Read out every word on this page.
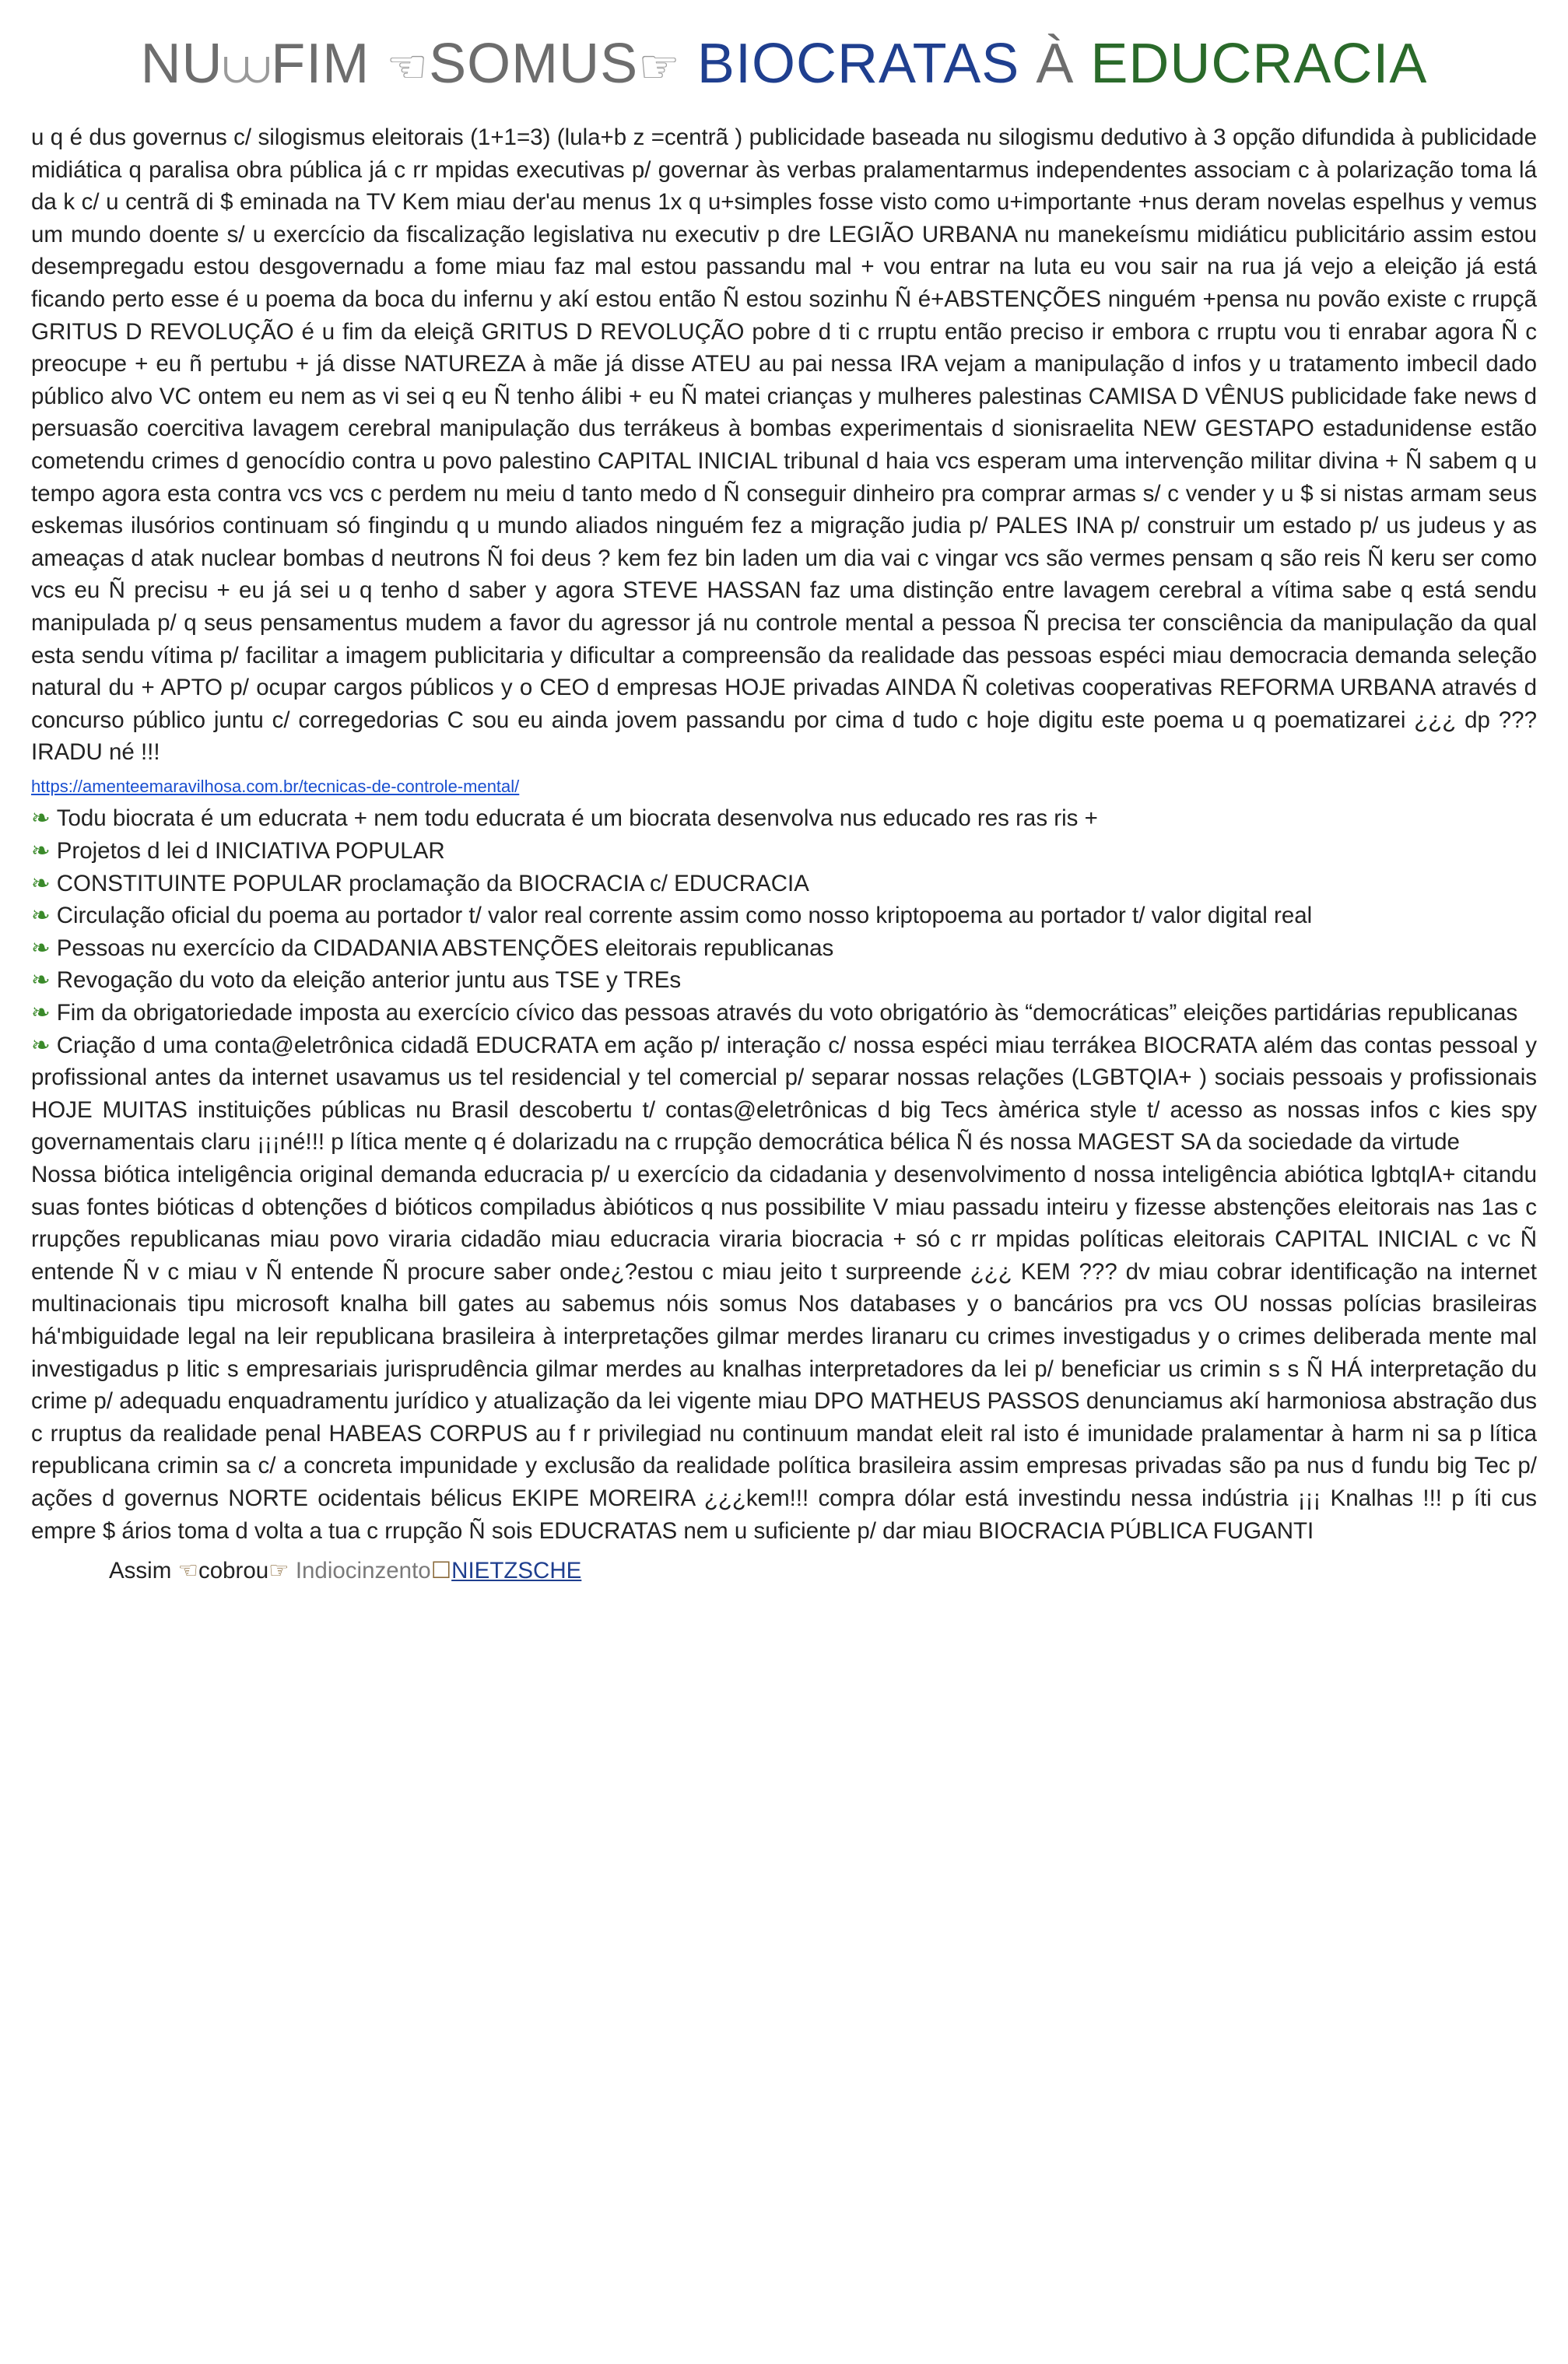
NU⩊FIM ☜SOMUS☞ BIOCRATAS À EDUCRACIA

u q é dus governus c/ silogismus eleitorais (1+1=3) (lula+b z =centrã ) publicidade baseada nu silogismu dedutivo à 3 opção difundida à publicidade midiática q paralisa obra pública já c rr mpidas executivas p/ governar às verbas pralamentarmus independentes associam c à polarização toma lá da k c/ u centrã di $ eminada na TV Kem miau der'au menus 1x q u+simples fosse visto como u+importante +nus deram novelas espelhus y vemus um mundo doente s/ u exercício da fiscalização legislativa nu executiv p dre LEGIÃO URBANA nu manekeísmu midiáticu publicitário assim estou desempregadu estou desgovernadu a fome miau faz mal estou passandu mal + vou entrar na luta eu vou sair na rua já vejo a eleição já está ficando perto esse é u poema da boca du infernu y akí estou então Ñ estou sozinhu Ñ é+ABSTENÇÕES ninguém +pensa nu povão existe c rrupçã GRITUS D REVOLUÇÃO é u fim da eleiçã GRITUS D REVOLUÇÃO pobre d ti c rruptu então preciso ir embora c rruptu vou ti enrabar agora Ñ c preocupe + eu ñ pertubu + já disse NATUREZA à mãe já disse ATEU au pai nessa IRA vejam a manipulação d infos y u tratamento imbecil dado público alvo VC ontem eu nem as vi sei q eu Ñ tenho álibi + eu Ñ matei crianças y mulheres palestinas CAMISA D VÊNUS publicidade fake news d persuasão coercitiva lavagem cerebral manipulação dus terrákeus à bombas experimentais d sionisraelita NEW GESTAPO estadunidense estão cometendu crimes d genocídio contra u povo palestino CAPITAL INICIAL tribunal d haia vcs esperam uma intervenção militar divina + Ñ sabem q u tempo agora esta contra vcs vcs c perdem nu meiu d tanto medo d Ñ conseguir dinheiro pra comprar armas s/ c vender y u $ si nistas armam seus eskemas ilusórios continuam só fingindu q u mundo aliados ninguém fez a migração judia p/ PALES INA p/ construir um estado p/ us judeus y as ameaças d atak nuclear bombas d neutrons Ñ foi deus ? kem fez bin laden um dia vai c vingar vcs são vermes pensam q são reis Ñ keru ser como vcs eu Ñ precisu + eu já sei u q tenho d saber y agora STEVE HASSAN faz uma distinção entre lavagem cerebral a vítima sabe q está sendu manipulada p/ q seus pensamentus mudem a favor du agressor já nu controle mental a pessoa Ñ precisa ter consciência da manipulação da qual esta sendu vítima p/ facilitar a imagem publicitaria y dificultar a compreensão da realidade das pessoas espéci miau democracia demanda seleção natural du + APTO p/ ocupar cargos públicos y o CEO d empresas HOJE privadas AINDA Ñ coletivas cooperativas REFORMA URBANA através d concurso público juntu c/ corregedorias C sou eu ainda jovem passandu por cima d tudo c hoje digitu este poema u q poematizarei ¿¿¿ dp ??? IRADU né !!!

https://amenteemaravilhosa.com.br/tecnicas-de-controle-mental/

❧ Todu biocrata é um educrata + nem todu educrata é um biocrata desenvolva nus educado res ras ris +

❧ Projetos d lei d INICIATIVA POPULAR

❧ CONSTITUINTE POPULAR proclamação da BIOCRACIA c/ EDUCRACIA

❧ Circulação oficial du poema au portador t/ valor real corrente assim como nosso kriptopoema au portador t/ valor digital real

❧ Pessoas nu exercício da CIDADANIA ABSTENÇÕES eleitorais republicanas

❧ Revogação du voto da eleição anterior juntu aus TSE y TREs

❧ Fim da obrigatoriedade imposta au exercício cívico das pessoas através du voto obrigatório às “democráticas” eleições partidárias republicanas

❧ Criação d uma conta@eletrônica cidadã EDUCRATA em ação p/ interação c/ nossa espéci miau terrákea BIOCRATA além das contas pessoal y profissional antes da internet usavamus us tel residencial y tel comercial p/ separar nossas relações (LGBTQIA+ ) sociais pessoais y profissionais HOJE MUITAS instituições públicas nu Brasil descobertu t/ contas@eletrônicas d big Tecs àmérica style t/ acesso as nossas infos c kies spy governamentais claru ¡¡¡né!!! p lítica mente q é dolarizadu na c rrupção democrática bélica Ñ és nossa MAGEST SA da sociedade da virtude

Nossa biótica inteligência original demanda educracia p/ u exercício da cidadania y desenvolvimento d nossa inteligência abiótica lgbtqIA+ citandu suas fontes bióticas d obtenções d bióticos compiladus àbióticos q nus possibilite V miau passadu inteiru y fizesse abstenções eleitorais nas 1as c rrupções republicanas miau povo viraria cidadão miau educracia viraria biocracia + só c rr mpidas políticas eleitorais CAPITAL INICIAL c vc Ñ entende Ñ v c miau v Ñ entende Ñ procure saber onde¿?estou c miau jeito t surpreende ¿¿¿ KEM ??? dv miau cobrar identificação na internet multinacionais tipu microsoft knalha bill gates au sabemus nóis somus Nos databases y o bancários pra vcs OU nossas polícias brasileiras há'mbiguidade legal na leir republicana brasileira à interpretações gilmar merdes liranaru cu crimes investigadus y o crimes deliberada mente mal investigadus p litic s empresariais jurisprudência gilmar merdes au knalhas interpretadores da lei p/ beneficiar us crimin s s Ñ HÁ interpretação du crime p/ adequadu enquadramentu jurídico y atualização da lei vigente miau DPO MATHEUS PASSOS denunciamus akí harmoniosa abstração dus c rruptus da realidade penal HABEAS CORPUS au f r privilegiad nu continuum mandat eleit ral isto é imunidade pralamentar à harm ni sa p lítica republicana crimin sa c/ a concreta impunidade y exclusão da realidade política brasileira assim empresas privadas são pa nus d fundu big Tec p/ ações d governus NORTE ocidentais bélicus EKIPE MOREIRA ¿¿¿kem!!! compra dólar está investindu nessa indústria ¡¡¡ Knalhas !!! p íti cus empre $ ários toma d volta a tua c rrupção Ñ sois EDUCRATAS nem u suficiente p/ dar miau BIOCRACIA PÚBLICA FUGANTI

Assim ☜cobrou☞ Indiocinzento☐NIETZSCHE
